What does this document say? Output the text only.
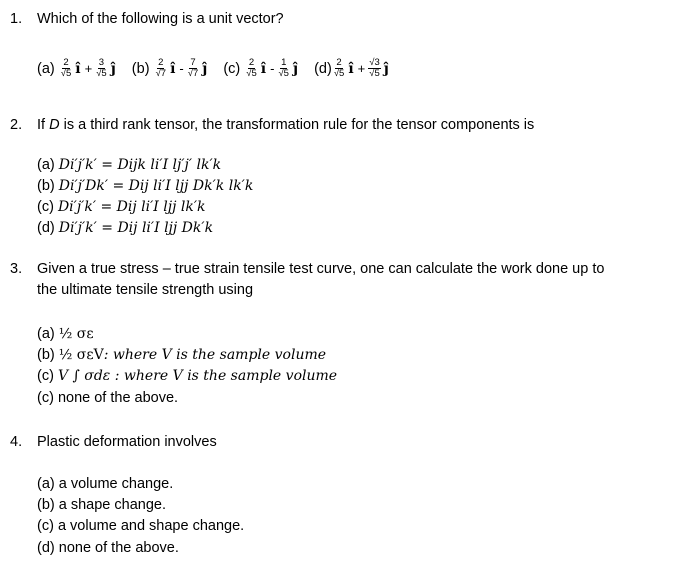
1. Which of the following is a unit vector?
(a)
$\frac{2}{√5}$ î + $\frac{3}{√5}$ ĵ
(b)
$\frac{2}{√7}$ î - $\frac{7}{√7}$ ĵ
(c)
$\frac{2}{√5}$ î - $\frac{1}{√5}$ ĵ
$(d) \frac{2}{√5}$ î + $\frac{√3}{√5}$ ĵ
2. If D is a third rank tensor, the transformation rule for the tensor components is
(a) Di′j′k′ = Dijk li′I lj′j′ lk′k
(b) Di′j′Dk′ = Dij li′I ljj Dk′k lk′k
(c) Di′j′k′ = Dij li′I ljj lk′k
(d) Di′j′k′ = Dij li′I ljj Dk′k
3. Given a true stress – true strain tensile test curve, one can calculate the work done up to
the ultimate tensile strength using
(a) ½ σε
(b) ½ σεV: where V is the sample volume
(c) V ∫ σdε : where V is the sample volume
(c) none of the above.
4. Plastic deformation involves
(a) a volume change.
(b) a shape change.
(c) a volume and shape change.
(d) none of the above.
